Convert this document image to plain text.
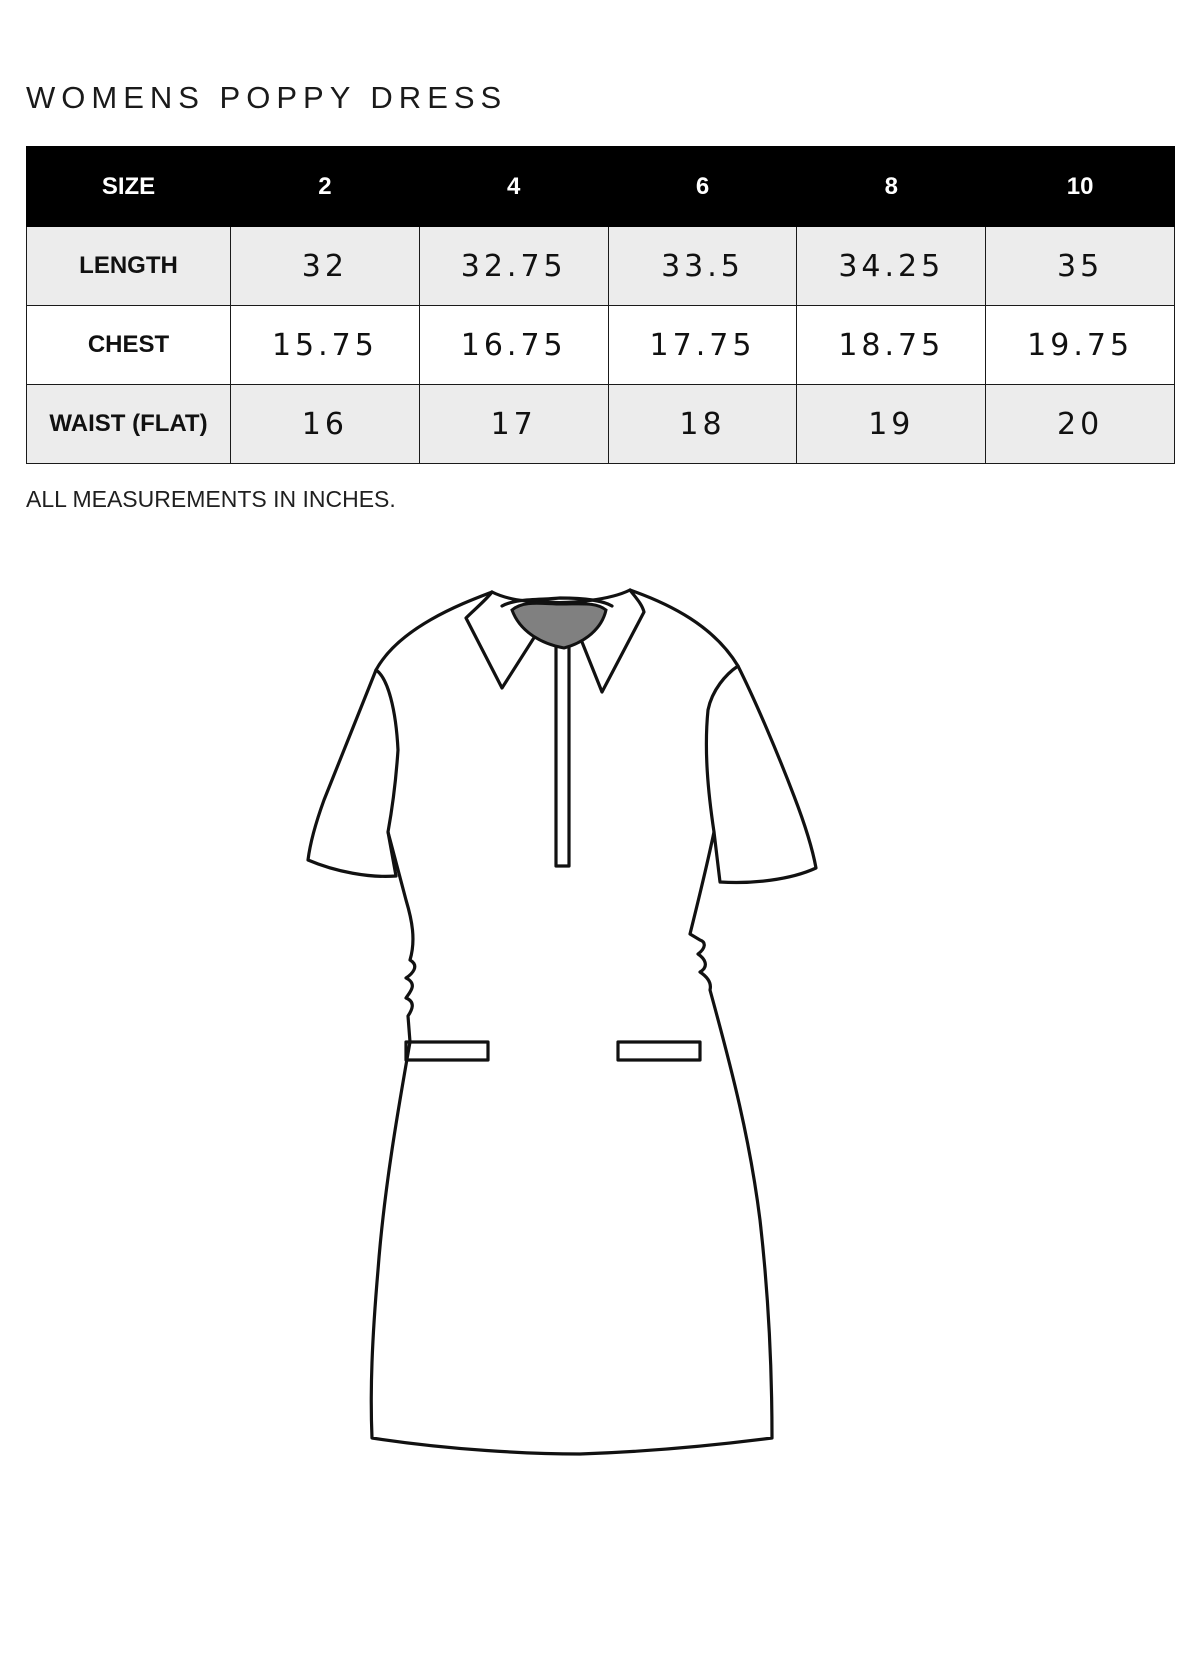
WOMENS POPPY DRESS
SIZE	2	4	6	8	10
LENGTH	32	32.75	33.5	34.25	35
CHEST	15.75	16.75	17.75	18.75	19.75
WAIST (FLAT)	16	17	18	19	20
ALL MEASUREMENTS IN INCHES.
